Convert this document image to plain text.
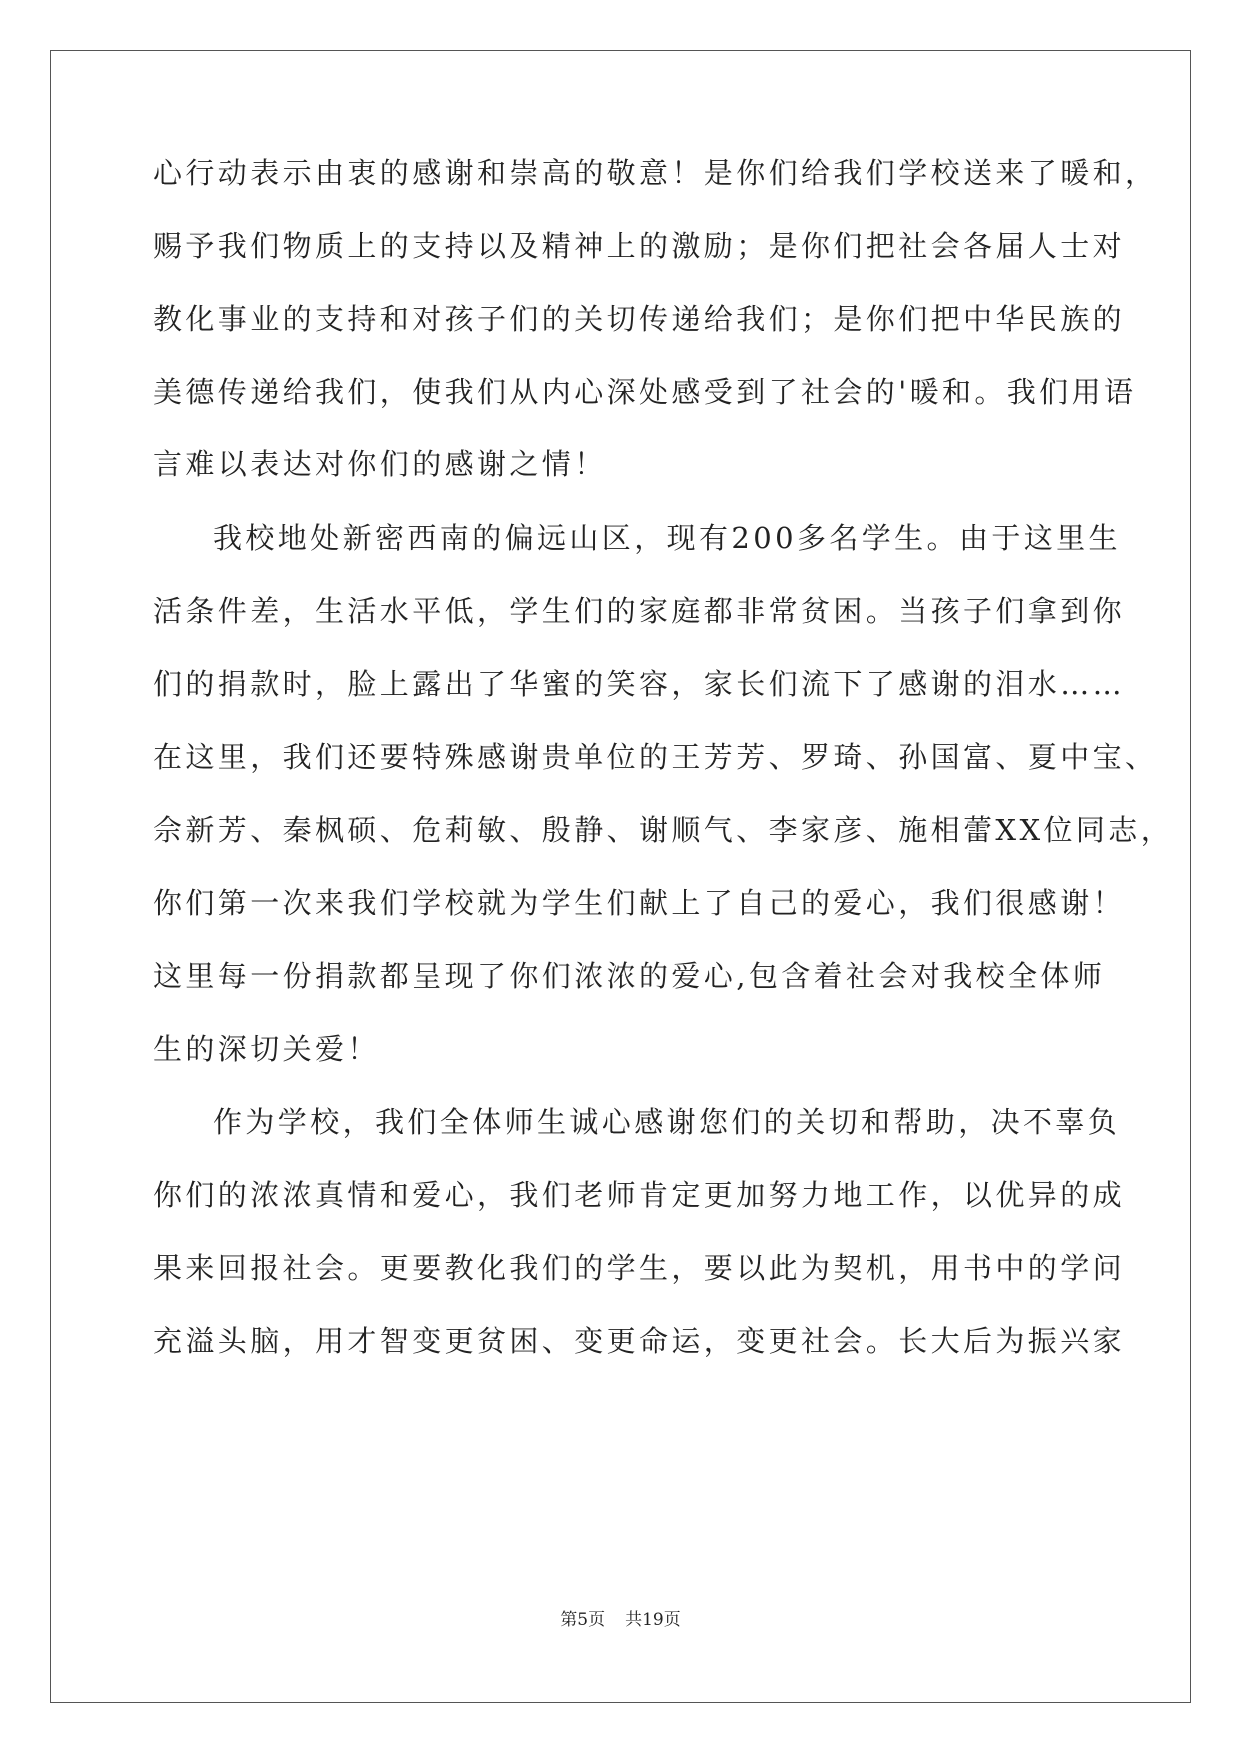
心行动表示由衷的感谢和崇高的敬意！是你们给我们学校送来了暖和，
赐予我们物质上的支持以及精神上的激励；是你们把社会各届人士对
教化事业的支持和对孩子们的关切传递给我们；是你们把中华民族的
美德传递给我们，使我们从内心深处感受到了社会的'暖和。我们用语
言难以表达对你们的感谢之情！
我校地处新密西南的偏远山区，现有200多名学生。由于这里生
活条件差，生活水平低，学生们的家庭都非常贫困。当孩子们拿到你
们的捐款时，脸上露出了华蜜的笑容，家长们流下了感谢的泪水……
在这里，我们还要特殊感谢贵单位的王芳芳、罗琦、孙国富、夏中宝、
佘新芳、秦枫硕、危莉敏、殷静、谢顺气、李家彦、施相蕾XX位同志，
你们第一次来我们学校就为学生们献上了自己的爱心，我们很感谢！
这里每一份捐款都呈现了你们浓浓的爱心,包含着社会对我校全体师
生的深切关爱！
作为学校，我们全体师生诚心感谢您们的关切和帮助，决不辜负
你们的浓浓真情和爱心，我们老师肯定更加努力地工作，以优异的成
果来回报社会。更要教化我们的学生，要以此为契机，用书中的学问
充溢头脑，用才智变更贫困、变更命运，变更社会。长大后为振兴家
第5页 共19页
